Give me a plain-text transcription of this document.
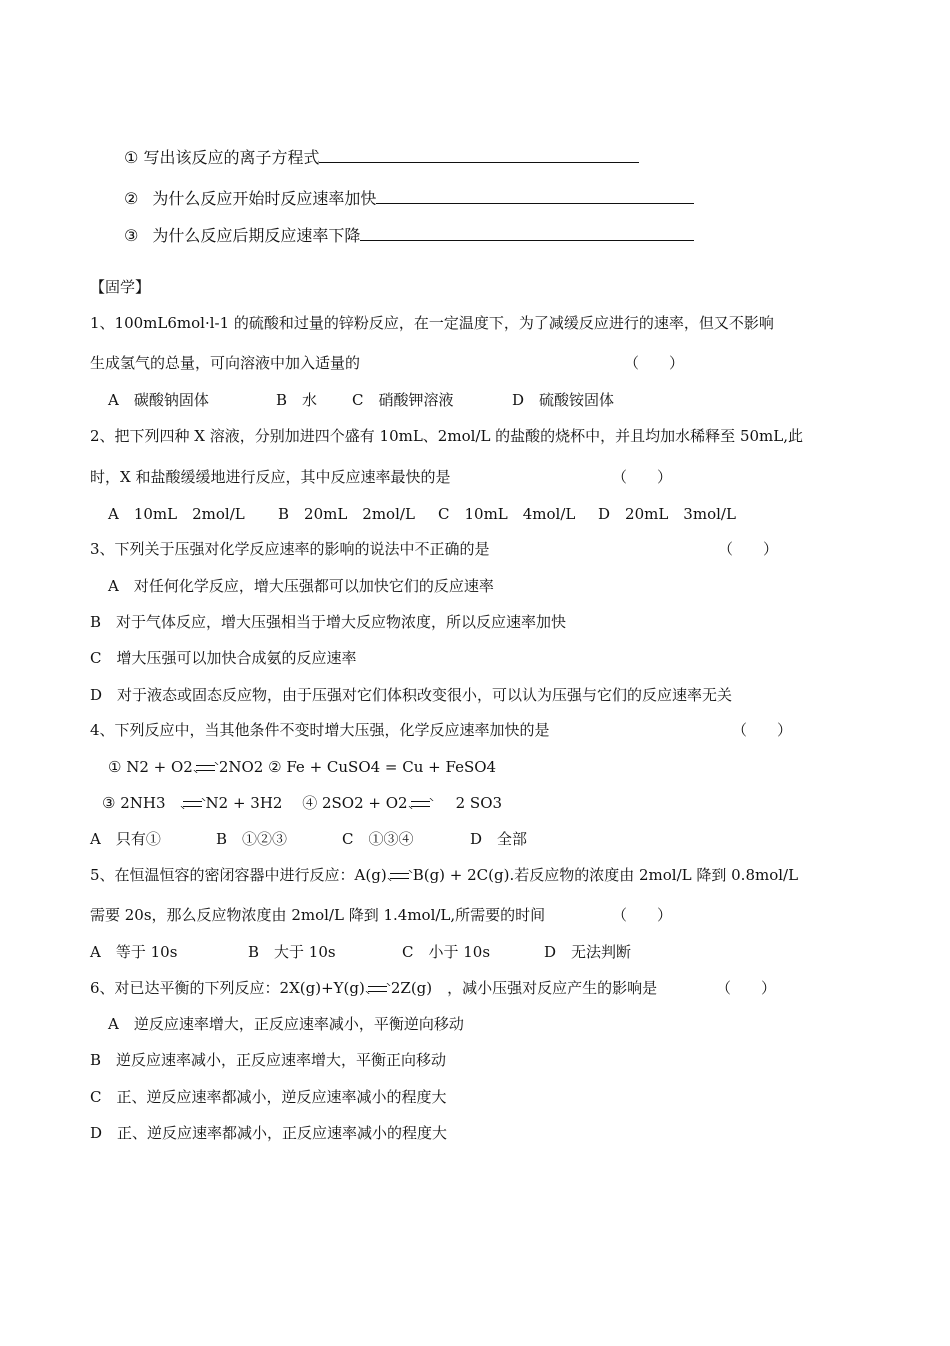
① 写出该反应的离子方程式
② 为什么反应开始时反应速率加快
③ 为什么反应后期反应速率下降
【固学】
1、100mL6mol·l-1 的硫酸和过量的锌粉反应，在一定温度下，为了减缓反应进行的速率，但又不影响
生成氢气的总量，可向溶液中加入适量的	（　　）
A　碳酸钠固体	B　水 C　硝酸钾溶液	D　硫酸铵固体
2、把下列四种 X 溶液，分别加进四个盛有 10mL、2mol/L 的盐酸的烧杯中，并且均加水稀释至 50mL,此
时，X 和盐酸缓缓地进行反应，其中反应速率最快的是	（　　）
A　10mL　2mol/L B　20mL　2mol/L C　10mL　4mol/L D　20mL　3mol/L
3、下列关于压强对化学反应速率的影响的说法中不正确的是	（　　）
A　对任何化学反应，增大压强都可以加快它们的反应速率
B　对于气体反应，增大压强相当于增大反应物浓度，所以反应速率加快
C　增大压强可以加快合成氨的反应速率
D　对于液态或固态反应物，由于压强对它们体积改变很小，可以认为压强与它们的反应速率无关
4、下列反应中，当其他条件不变时增大压强，化学反应速率加快的是	（　　）
① N2 + O2 2NO2 ② Fe + CuSO4 = Cu + FeSO4
③ 2NH3	N2 + 3H2　 ④ 2SO2 + O2	2 SO3
A　只有①	B　①②③	C　①③④	D　全部
5、在恒温恒容的密闭容器中进行反应：A(g) B(g) + 2C(g).若反应物的浓度由 2mol/L 降到 0.8mol/L
需要 20s，那么反应物浓度由 2mol/L 降到 1.4mol/L,所需要的时间	（　　）
A　等于 10s	B　大于 10s	C　小于 10s	D　无法判断
6、对已达平衡的下列反应：2X(g)+Y(g) 2Z(g)　，减小压强对反应产生的影响是	（　　）
A　逆反应速率增大，正反应速率减小，平衡逆向移动
B　逆反应速率减小，正反应速率增大，平衡正向移动
C　正、逆反应速率都减小，逆反应速率减小的程度大
D　正、逆反应速率都减小，正反应速率减小的程度大
